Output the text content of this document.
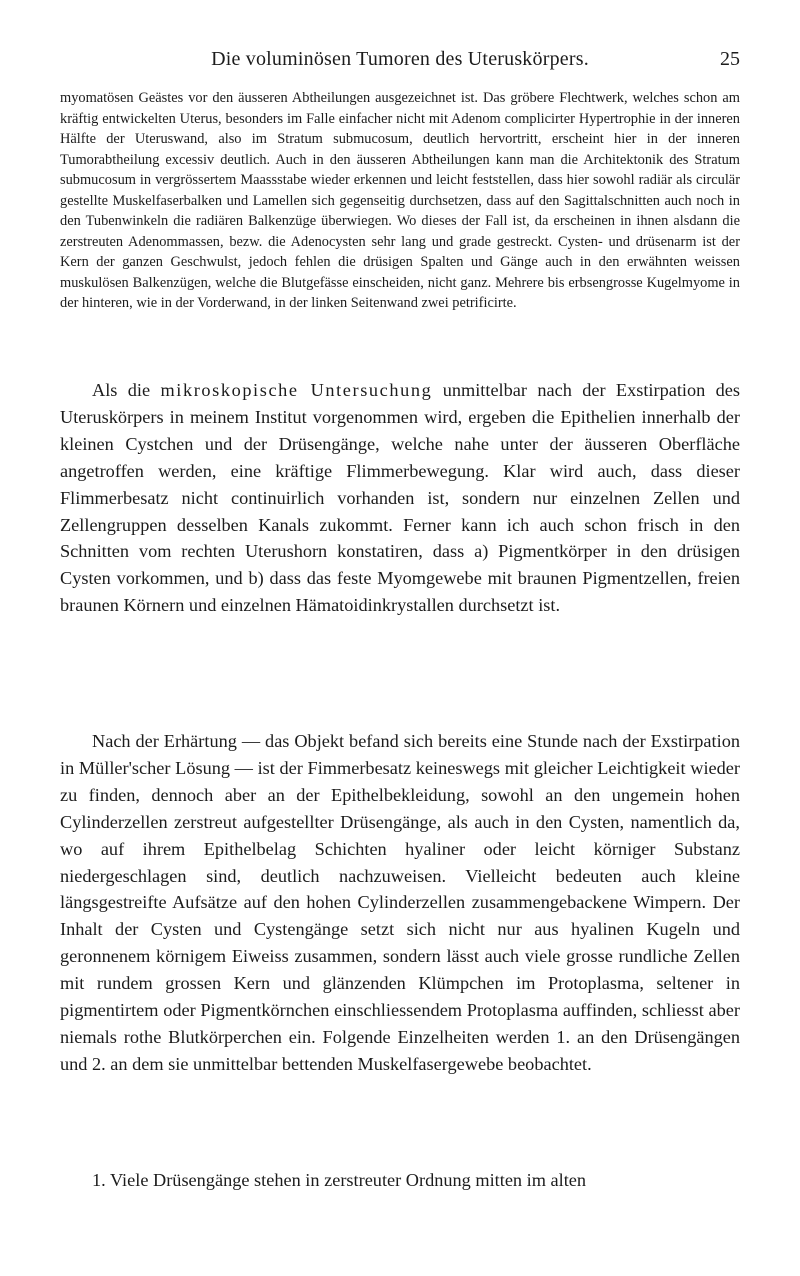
Die voluminösen Tumoren des Uteruskörpers.	25

myomatösen Geästes vor den äusseren Abtheilungen ausgezeichnet ist. Das gröbere Flechtwerk, welches schon am kräftig entwickelten Uterus, besonders im Falle einfacher nicht mit Adenom complicirter Hypertrophie in der inneren Hälfte der Uteruswand, also im Stratum submucosum, deutlich hervortritt, erscheint hier in der inneren Tumorabtheilung excessiv deutlich. Auch in den äusseren Abtheilungen kann man die Architektonik des Stratum submucosum in vergrössertem Maassstabe wieder erkennen und leicht feststellen, dass hier sowohl radiär als circulär gestellte Muskelfaserbalken und Lamellen sich gegenseitig durchsetzen, dass auf den Sagittalschnitten auch noch in den Tubenwinkeln die radiären Balkenzüge überwiegen. Wo dieses der Fall ist, da erscheinen in ihnen alsdann die zerstreuten Adenommassen, bezw. die Adenocysten sehr lang und grade gestreckt. Cysten- und drüsenarm ist der Kern der ganzen Geschwulst, jedoch fehlen die drüsigen Spalten und Gänge auch in den erwähnten weissen muskulösen Balkenzügen, welche die Blutgefässe einscheiden, nicht ganz. Mehrere bis erbsengrosse Kugelmyome in der hinteren, wie in der Vorderwand, in der linken Seitenwand zwei petrificirte.

Als die mikroskopische Untersuchung unmittelbar nach der Exstirpation des Uteruskörpers in meinem Institut vorgenommen wird, ergeben die Epithelien innerhalb der kleinen Cystchen und der Drüsengänge, welche nahe unter der äusseren Oberfläche angetroffen werden, eine kräftige Flimmerbewegung. Klar wird auch, dass dieser Flimmerbesatz nicht continuirlich vorhanden ist, sondern nur einzelnen Zellen und Zellengruppen desselben Kanals zukommt. Ferner kann ich auch schon frisch in den Schnitten vom rechten Uterushorn konstatiren, dass a) Pigmentkörper in den drüsigen Cysten vorkommen, und b) dass das feste Myomgewebe mit braunen Pigmentzellen, freien braunen Körnern und einzelnen Hämatoidinkrystallen durchsetzt ist.

Nach der Erhärtung — das Objekt befand sich bereits eine Stunde nach der Exstirpation in Müller'scher Lösung — ist der Fimmerbesatz keineswegs mit gleicher Leichtigkeit wieder zu finden, dennoch aber an der Epithelbekleidung, sowohl an den ungemein hohen Cylinderzellen zerstreut aufgestellter Drüsengänge, als auch in den Cysten, namentlich da, wo auf ihrem Epithelbelag Schichten hyaliner oder leicht körniger Substanz niedergeschlagen sind, deutlich nachzuweisen. Vielleicht bedeuten auch kleine längsgestreifte Aufsätze auf den hohen Cylinderzellen zusammengebackene Wimpern. Der Inhalt der Cysten und Cystengänge setzt sich nicht nur aus hyalinen Kugeln und geronnenem körnigem Eiweiss zusammen, sondern lässt auch viele grosse rundliche Zellen mit rundem grossen Kern und glänzenden Klümpchen im Protoplasma, seltener in pigmentirtem oder Pigmentkörnchen einschliessendem Protoplasma auffinden, schliesst aber niemals rothe Blutkörperchen ein. Folgende Einzelheiten werden 1. an den Drüsengängen und 2. an dem sie unmittelbar bettenden Muskelfasergewebe beobachtet.

1. Viele Drüsengänge stehen in zerstreuter Ordnung mitten im alten
